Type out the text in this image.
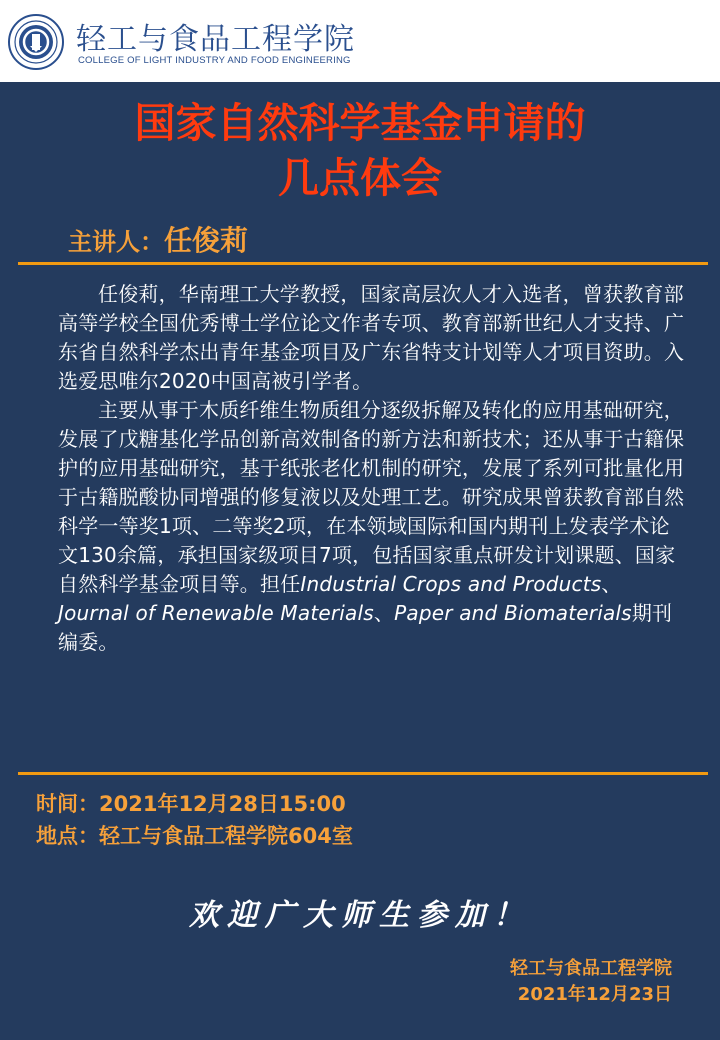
轻工与食品工程学院
COLLEGE OF LIGHT INDUSTRY AND FOOD ENGINEERING
国家自然科学基金申请的
几点体会
主讲人：任俊莉

任俊莉，华南理工大学教授，国家高层次人才入选者，曾获教育部高等学校全国优秀博士学位论文作者专项、教育部新世纪人才支持、广东省自然科学杰出青年基金项目及广东省特支计划等人才项目资助。入选爱思唯尔2020中国高被引学者。

主要从事于木质纤维生物质组分逐级拆解及转化的应用基础研究，发展了戊糖基化学品创新高效制备的新方法和新技术；还从事于古籍保护的应用基础研究，基于纸张老化机制的研究，发展了系列可批量化用于古籍脱酸协同增强的修复液以及处理工艺。研究成果曾获教育部自然科学一等奖1项、二等奖2项，在本领域国际和国内期刊上发表学术论文130余篇，承担国家级项目7项，包括国家重点研发计划课题、国家自然科学基金项目等。担任Industrial Crops and Products、Journal of Renewable Materials、Paper and Biomaterials期刊编委。

时间：2021年12月28日15:00
地点：轻工与食品工程学院604室
欢迎广大师生参加！
轻工与食品工程学院
2021年12月23日
